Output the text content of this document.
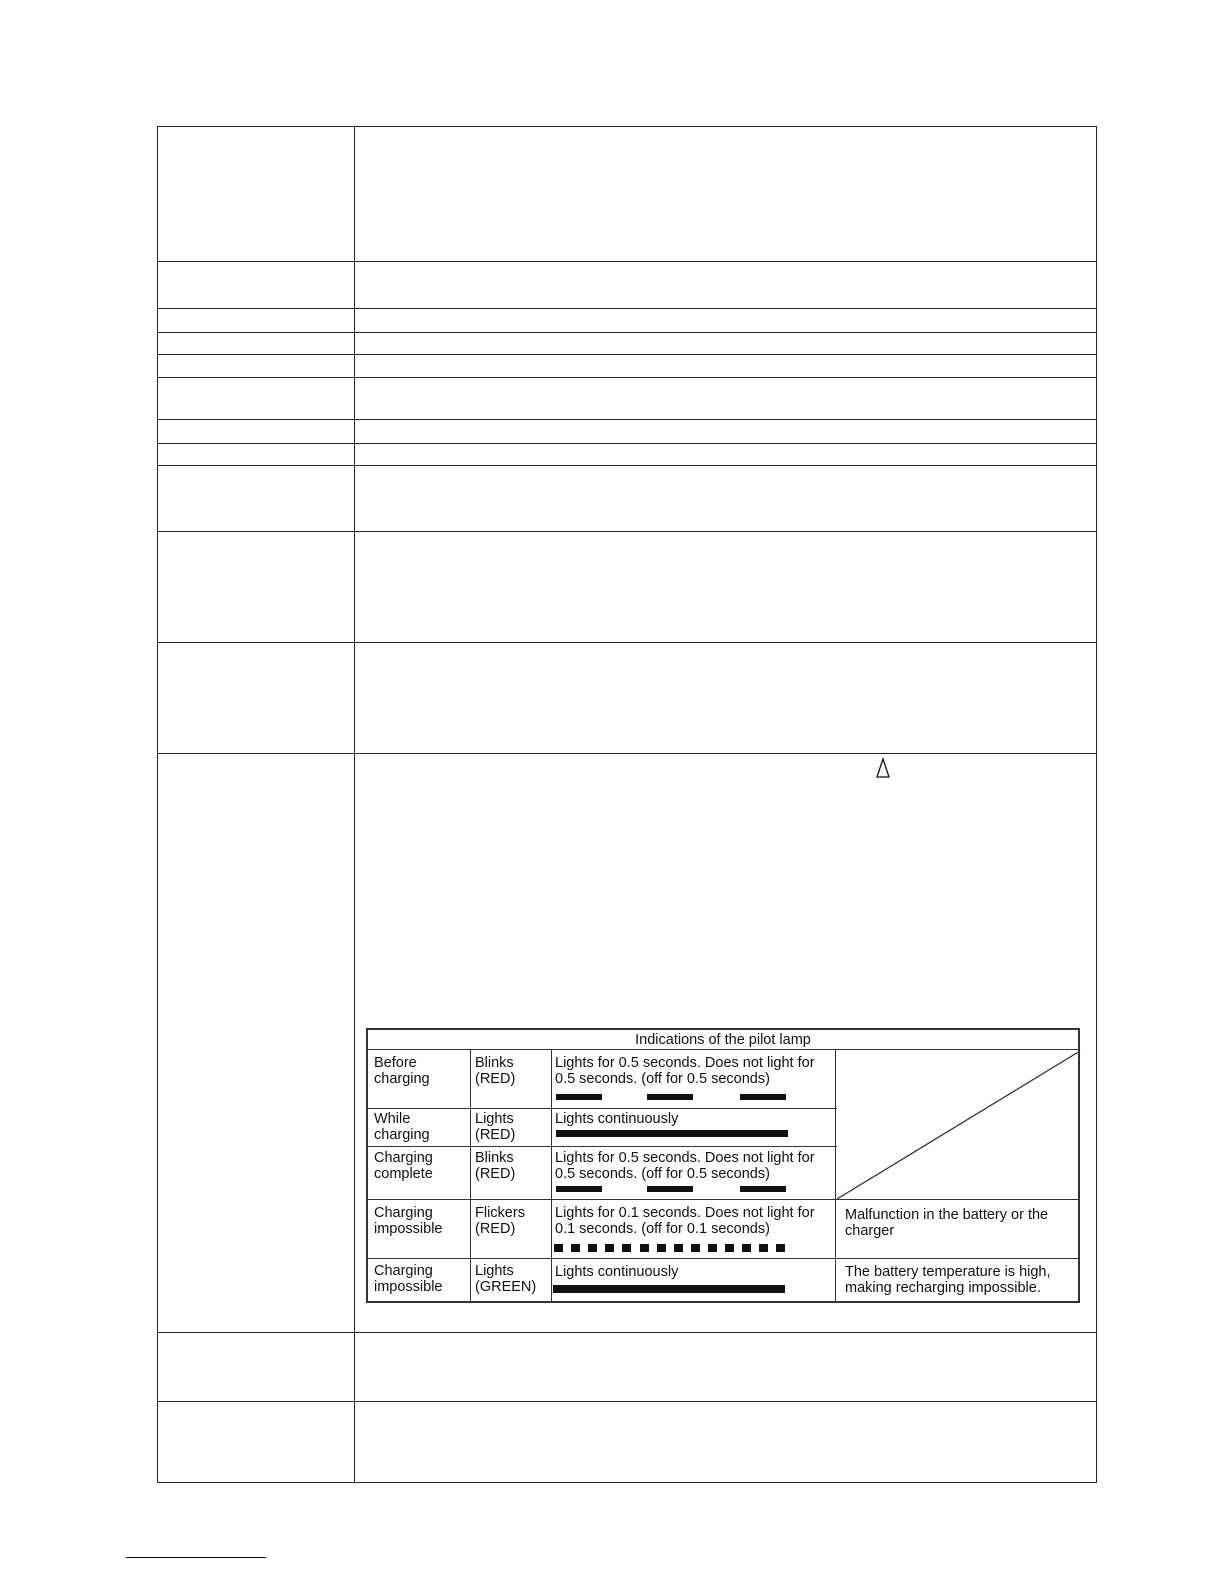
Indications of the pilot lamp
Before
charging
Blinks
(RED)
Lights for 0.5 seconds. Does not light for
0.5 seconds. (off for 0.5 seconds)
While
charging
Lights
(RED)
Lights continuously
Charging
complete
Blinks
(RED)
Lights for 0.5 seconds. Does not light for
0.5 seconds. (off for 0.5 seconds)
Charging
impossible
Flickers
(RED)
Lights for 0.1 seconds. Does not light for
0.1 seconds. (off for 0.1 seconds)
Malfunction in the battery or the
charger
Charging
impossible
Lights
(GREEN)
Lights continuously	The battery temperature is high,
making recharging impossible.
